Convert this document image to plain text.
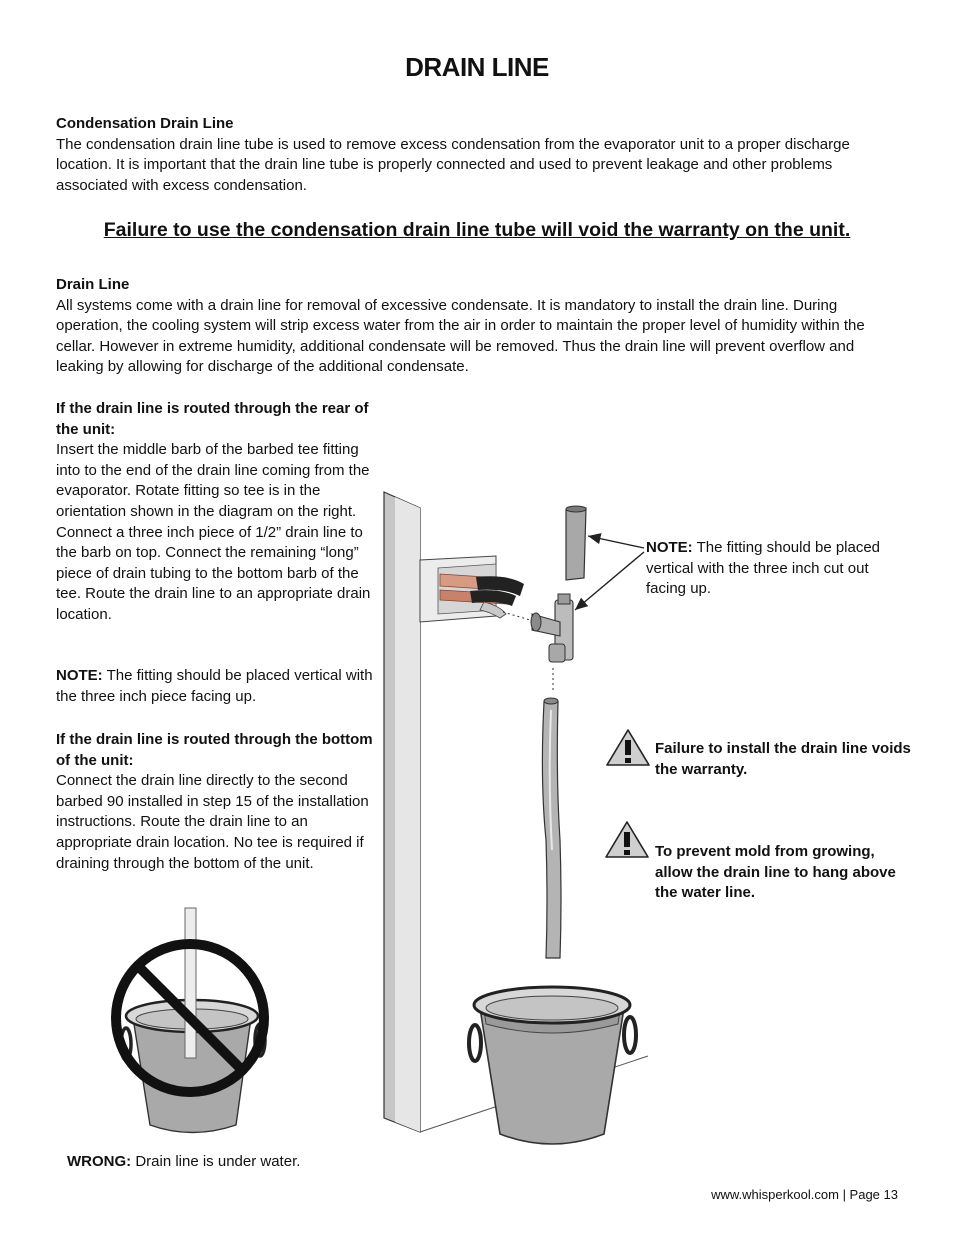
DRAIN LINE

Condensation Drain Line

The condensation drain line tube is used to remove excess condensation from the evaporator unit to a proper discharge location. It is important that the drain line tube is properly connected and used to prevent leakage and other problems associated with excess condensation.

Failure to use the condensation drain line tube will void the warranty on the unit.

Drain Line

All systems come with a drain line for removal of excessive condensate. It is mandatory to install the drain line. During operation, the cooling system will strip excess water from the air in order to maintain the proper level of humidity within the cellar. However in extreme humidity, additional condensate will be removed. Thus the drain line will prevent overflow and leaking by allowing for discharge of the additional condensate.

If the drain line is routed through the rear of the unit:
Insert the middle barb of the barbed tee fitting into to the end of the drain line coming from the evaporator. Rotate fitting so tee is in the orientation shown in the diagram on the right. Connect a three inch piece of 1/2” drain line to the barb on top. Connect the remaining “long” piece of drain tubing to the bottom barb of the tee. Route the drain line to an appropriate drain location.
NOTE: The fitting should be placed vertical with the three inch piece facing up.
If the drain line is routed through the bottom of the unit:
Connect the drain line directly to the second barbed 90 installed in step 15 of the installation instructions. Route the drain line to an appropriate drain location. No tee is required if draining through the bottom of the unit.
NOTE: The fitting should be placed vertical with the three inch cut out facing up.
Failure to install the drain line voids the warranty.
To prevent mold from growing, allow the drain line to hang above the water line.
WRONG: Drain line is under water.
www.whisperkool.com | Page 13
